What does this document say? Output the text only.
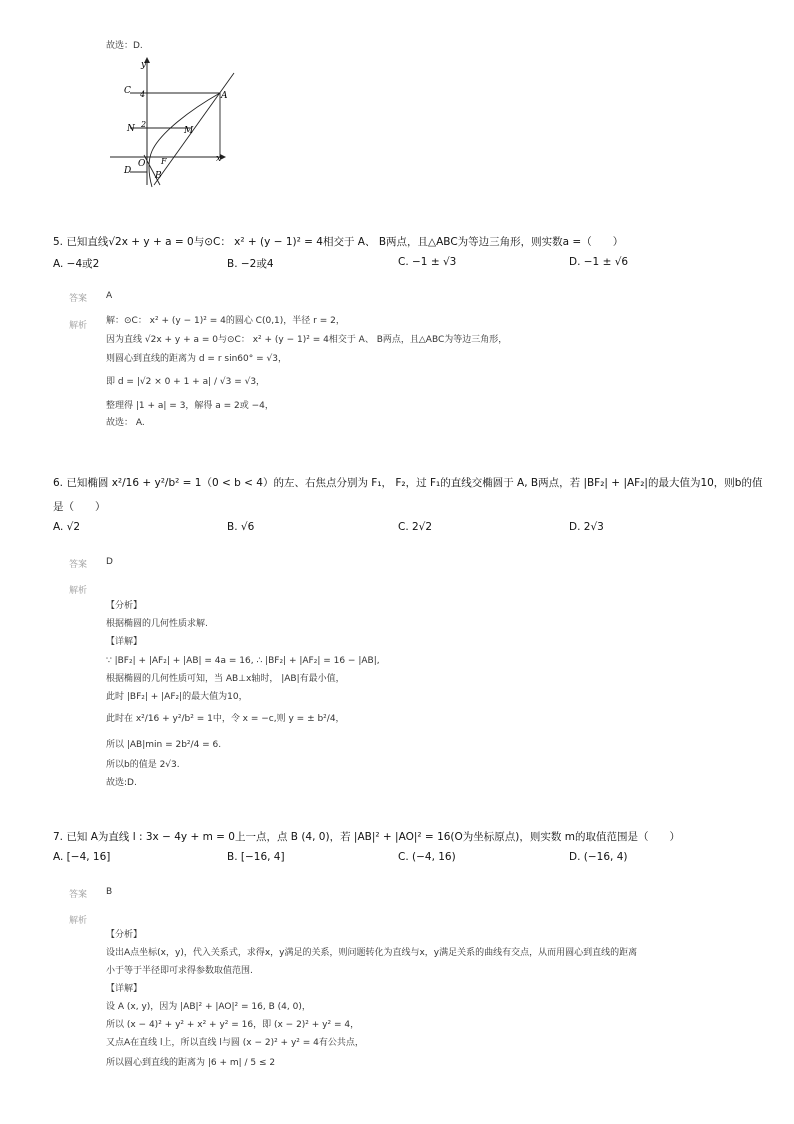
故选：D.
y
C 4	A
N 2
M
O F	x
D	B
5. 已知直线√2x + y + a = 0与⊙C： x² + (y − 1)² = 4相交于 A、 B两点，且△ABC为等边三角形，则实数a =（　　）
A. −4或2	B. −2或4	C. −1 ± √3	D. −1 ± √6
答案 A
解析 解：⊙C： x² + (y − 1)² = 4的圆心 C(0,1)，半径 r = 2，
因为直线 √2x + y + a = 0与⊙C： x² + (y − 1)² = 4相交于 A、 B两点，且△ABC为等边三角形，
则圆心到直线的距离为 d = r sin60° = √3，
即 d = |√2 × 0 + 1 + a| / √3 = √3，
整理得 |1 + a| = 3，解得 a = 2或 −4，
故选： A.
6. 已知椭圆 x²/16 + y²/b² = 1（0 < b < 4）的左、右焦点分别为 F₁， F₂，过 F₁的直线交椭圆于 A, B两点，若 |BF₂| + |AF₂|的最大值为10，则b的值
是（　　）
A. √2	B. √6	C. 2√2	D. 2√3
答案 D
解析
【分析】
根据椭圆的几何性质求解.
【详解】
∵ |BF₂| + |AF₂| + |AB| = 4a = 16, ∴ |BF₂| + |AF₂| = 16 − |AB|,
根据椭圆的几何性质可知，当 AB⊥x轴时， |AB|有最小值，
此时 |BF₂| + |AF₂|的最大值为10，
此时在 x²/16 + y²/b² = 1中，令 x = −c,则 y = ± b²/4，
所以 |AB|min = 2b²/4 = 6.
所以b的值是 2√3.
故选:D.
7. 已知 A为直线 l : 3x − 4y + m = 0上一点，点 B (4, 0)，若 |AB|² + |AO|² = 16(O为坐标原点)，则实数 m的取值范围是（　　）
A. [−4, 16]	B. [−16, 4]	C. (−4, 16)	D. (−16, 4)
答案 B
解析
【分析】
设出A点坐标(x，y)，代入关系式，求得x，y满足的关系，则问题转化为直线与x，y满足关系的曲线有交点，从而用圆心到直线的距离
小于等于半径即可求得参数取值范围.
【详解】
设 A (x, y)，因为 |AB|² + |AO|² = 16, B (4, 0)，
所以 (x − 4)² + y² + x² + y² = 16，即 (x − 2)² + y² = 4，
又点A在直线 l上，所以直线 l与圆 (x − 2)² + y² = 4有公共点，
所以圆心到直线的距离为 |6 + m| / 5 ≤ 2
